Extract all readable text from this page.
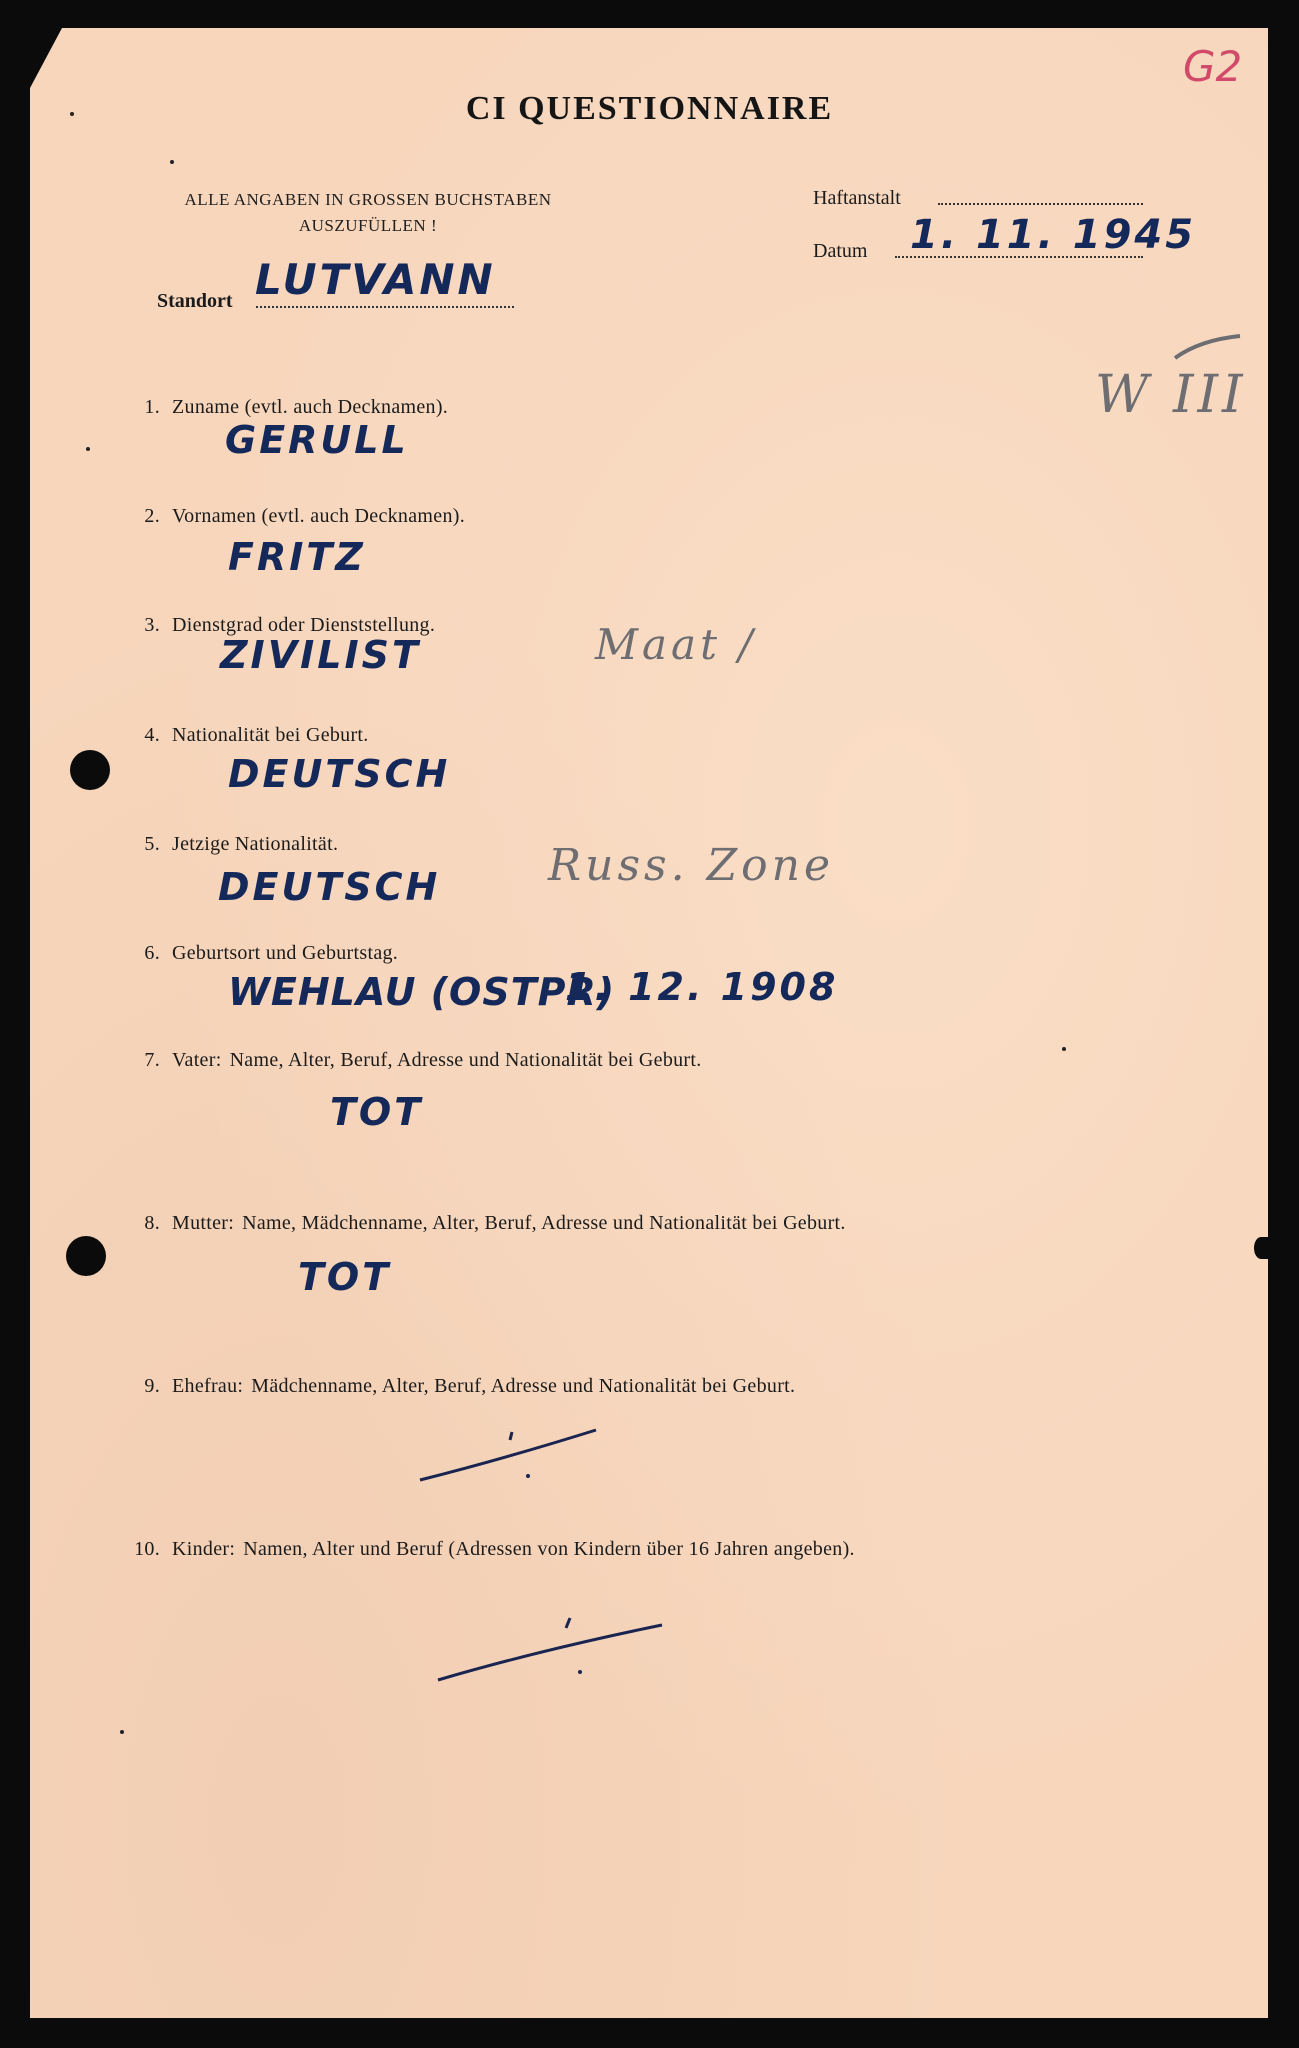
CI QUESTIONNAIRE
G2
ALLE ANGABEN IN GROSSEN BUCHSTABEN
AUSZUFÜLLEN !
Haftanstalt
Datum 1. 11. 1945
Standort LUTVANN
W III
1. Zuname (evtl. auch Decknamen).
GERULL
2. Vornamen (evtl. auch Decknamen).
FRITZ
3. Dienstgrad oder Dienststellung.
ZIVILIST	Maat /
4. Nationalität bei Geburt.
DEUTSCH
5. Jetzige Nationalität.
DEUTSCH Russ. Zone
6. Geburtsort und Geburtstag.
WEHLAU (OSTPR)
1. 12. 1908
7. Vater: Name, Alter, Beruf, Adresse und Nationalität bei Geburt.
TOT
8. Mutter: Name, Mädchenname, Alter, Beruf, Adresse und Nationalität bei Geburt.
TOT
9. Ehefrau: Mädchenname, Alter, Beruf, Adresse und Nationalität bei Geburt.
10. Kinder: Namen, Alter und Beruf (Adressen von Kindern über 16 Jahren angeben).
